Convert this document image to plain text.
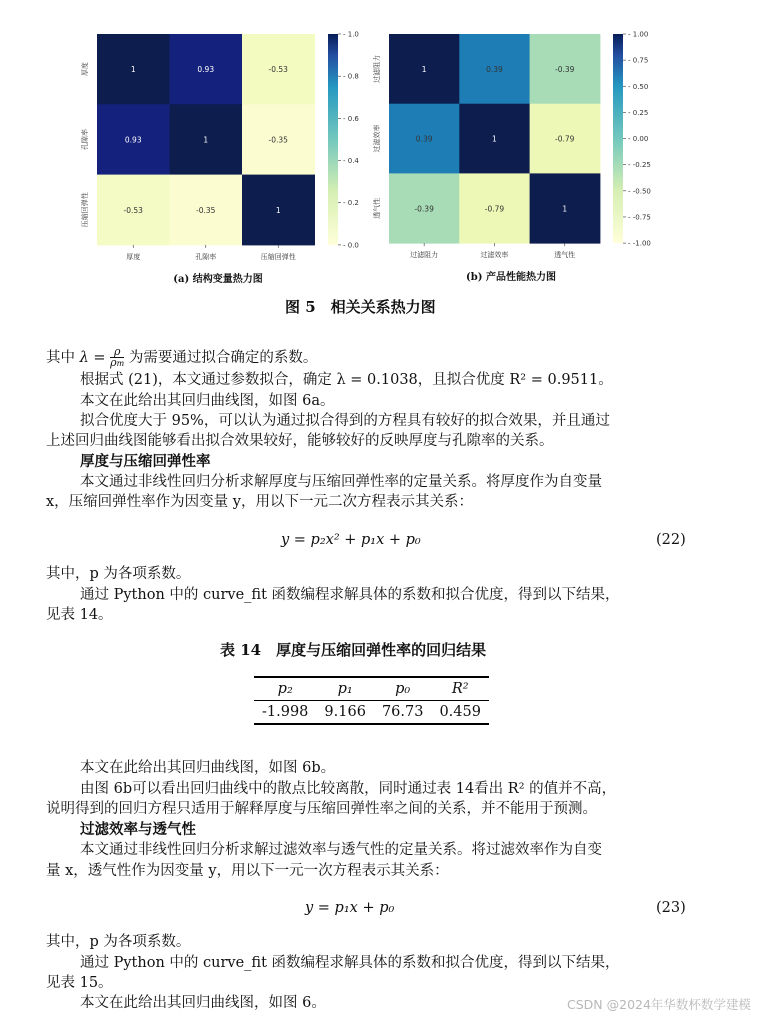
1	0.93	-0.53
厚度
0.93	1	-0.35
孔隙率
-0.53	-0.35	1
压缩回弹性
厚度	孔隙率	压缩回弹性
- 1.0
- 0.8
- 0.6
- 0.4
- 0.2
- 0.0
(a) 结构变量热力图
1	0.39	-0.39
过滤阻力
0.39	1	-0.79
过滤效率
-0.39	-0.79	1
透气性
过滤阻力	过滤效率	透气性
- 1.00
- 0.75
- 0.50
- 0.25
- 0.00
- -0.25
- -0.50
- -0.75
- -1.00
(b) 产品性能热力图
图 5　相关关系热力图
其中 λ = ρ
ρm 为需要通过拟合确定的系数。
根据式 (21)，本文通过参数拟合，确定 λ = 0.1038，且拟合优度 R² = 0.9511。
本文在此给出其回归曲线图，如图 6a。
拟合优度大于 95%，可以认为通过拟合得到的方程具有较好的拟合效果，并且通过
上述回归曲线图能够看出拟合效果较好，能够较好的反映厚度与孔隙率的关系。
厚度与压缩回弹性率
本文通过非线性回归分析求解厚度与压缩回弹性率的定量关系。将厚度作为自变量
x，压缩回弹性率作为因变量 y，用以下一元二次方程表示其关系：
y = p₂x² + p₁x + p₀	(22)
其中，p 为各项系数。
通过 Python 中的 curve_fit 函数编程求解具体的系数和拟合优度，得到以下结果，
见表 14。
表 14　厚度与压缩回弹性率的回归结果
p₂	p₁	p₀	R²
-1.998	9.166	76.73	0.459
本文在此给出其回归曲线图，如图 6b。
由图 6b可以看出回归曲线中的散点比较离散，同时通过表 14看出 R² 的值并不高，
说明得到的回归方程只适用于解释厚度与压缩回弹性率之间的关系，并不能用于预测。
过滤效率与透气性
本文通过非线性回归分析求解过滤效率与透气性的定量关系。将过滤效率作为自变
量 x，透气性作为因变量 y，用以下一元一次方程表示其关系：
y = p₁x + p₀	(23)
其中，p 为各项系数。
通过 Python 中的 curve_fit 函数编程求解具体的系数和拟合优度，得到以下结果，
见表 15。
本文在此给出其回归曲线图，如图 6。	CSDN @2024年华数杯数学建模
